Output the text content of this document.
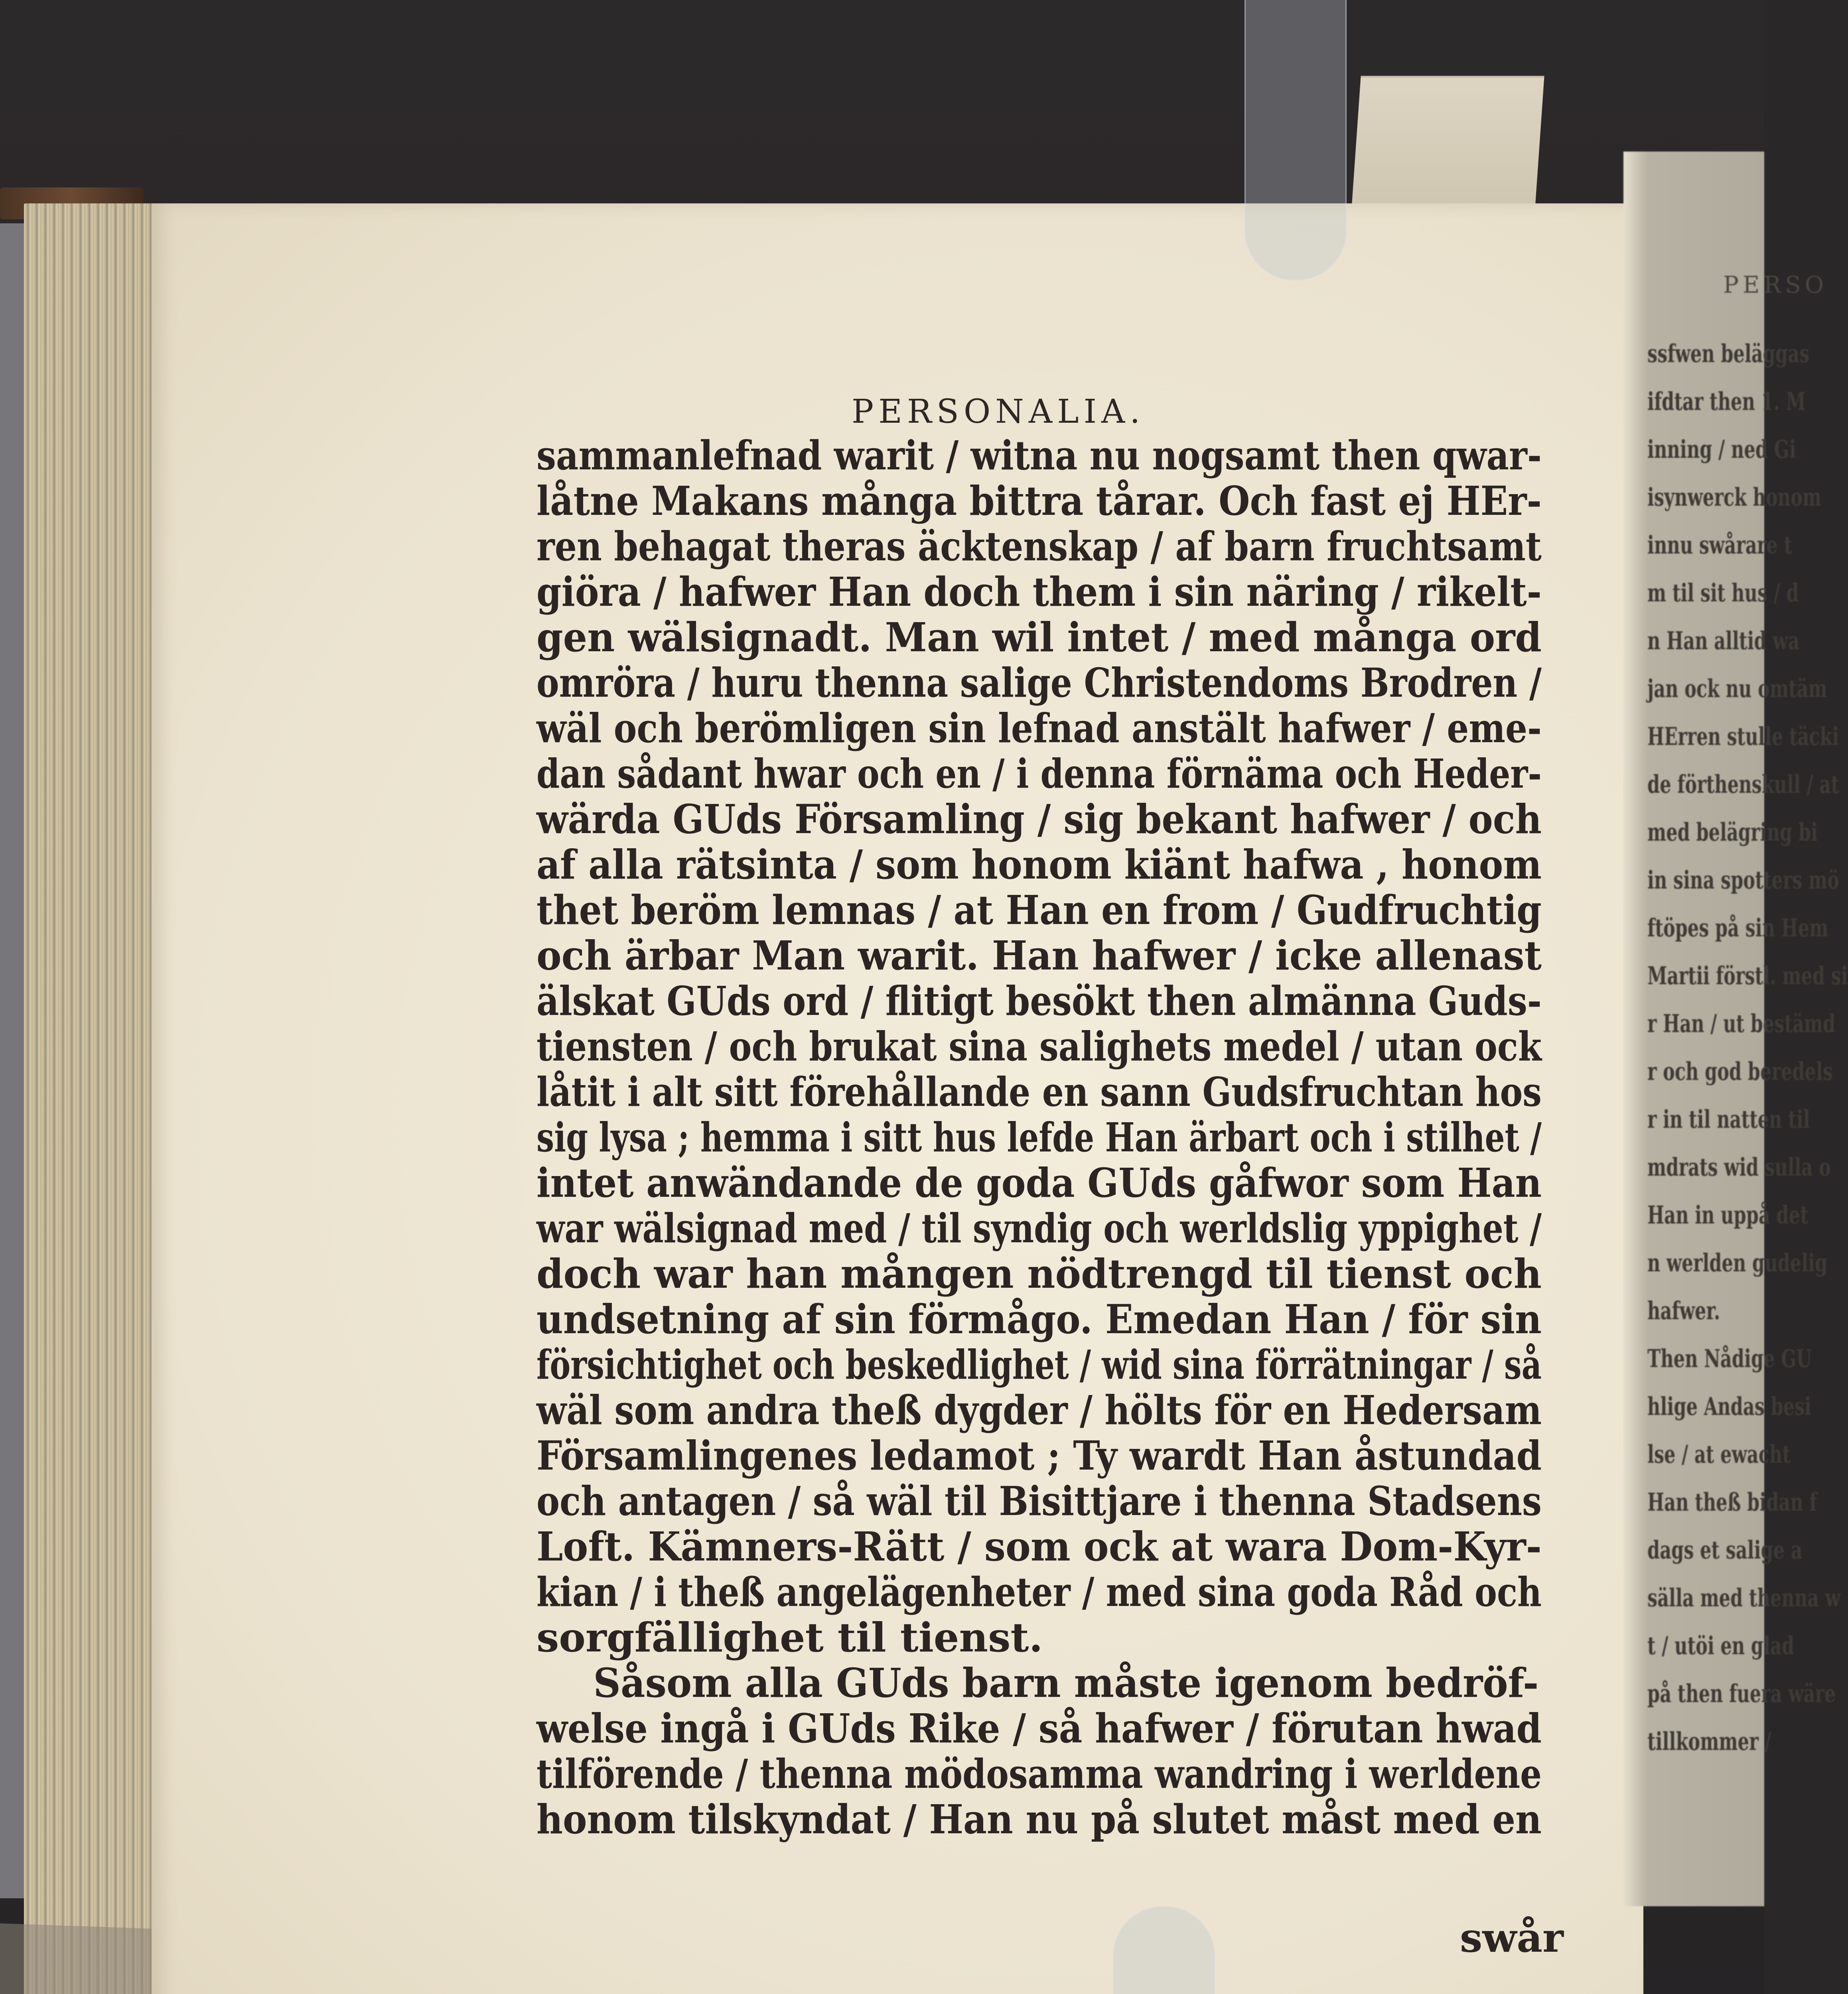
PERSO
ssfwen beläggas
ifdtar then 1. M
inning / ned Gi
isynwerck honom
innu swårare t
m til sit hus / d
n Han alltid wa
jan ock nu omtäm
HErren stulle täcki
de förthenskull / at
med belägring bi
in sina spotters mö
ftöpes på sin Hem
Martii förstl. med si
r Han / ut bestämd
r och god beredels
r in til natten til
mdrats wid sulla o
Han in uppå det
n werlden gudelig
hafwer.
Then Nådige GU
hlige Andas besi
lse / at ewacht
Han theß bidan f
dags et salige a
sälla med thenna w
t / utöi en glad
på then fuera wäre
tillkommer /
PERSONALIA.
sammanlefnad warit / witna nu nogsamt then qwar-
låtne Makans många bittra tårar. Och fast ej HEr-
ren behagat theras äcktenskap / af barn fruchtsamt
giöra / hafwer Han doch them i sin näring / rikelt-
gen wälsignadt. Man wil intet / med många ord
omröra / huru thenna salige Christendoms Brodren /
wäl och berömligen sin lefnad anstält hafwer / eme-
dan sådant hwar och en / i denna förnäma och Heder-
wärda GUds Församling / sig bekant hafwer / och
af alla rätsinta / som honom kiänt hafwa , honom
thet beröm lemnas / at Han en from / Gudfruchtig
och ärbar Man warit. Han hafwer / icke allenast
älskat GUds ord / flitigt besökt then almänna Guds-
tiensten / och brukat sina salighets medel / utan ock
låtit i alt sitt förehållande en sann Gudsfruchtan hos
sig lysa ; hemma i sitt hus lefde Han ärbart och i stilhet /
intet anwändande de goda GUds gåfwor som Han
war wälsignad med / til syndig och werldslig yppighet /
doch war han mången nödtrengd til tienst och
undsetning af sin förmågo. Emedan Han / för sin
försichtighet och beskedlighet / wid sina förrätningar / så
wäl som andra theß dygder / hölts för en Hedersam
Församlingenes ledamot ; Ty wardt Han åstundad
och antagen / så wäl til Bisittjare i thenna Stadsens
Loft. Kämners-Rätt / som ock at wara Dom-Kyr-
kian / i theß angelägenheter / med sina goda Råd och
sorgfällighet til tienst.
Såsom alla GUds barn måste igenom bedröf-
welse ingå i GUds Rike / så hafwer / förutan hwad
tilförende / thenna mödosamma wandring i werldene
honom tilskyndat / Han nu på slutet måst med en
swår
